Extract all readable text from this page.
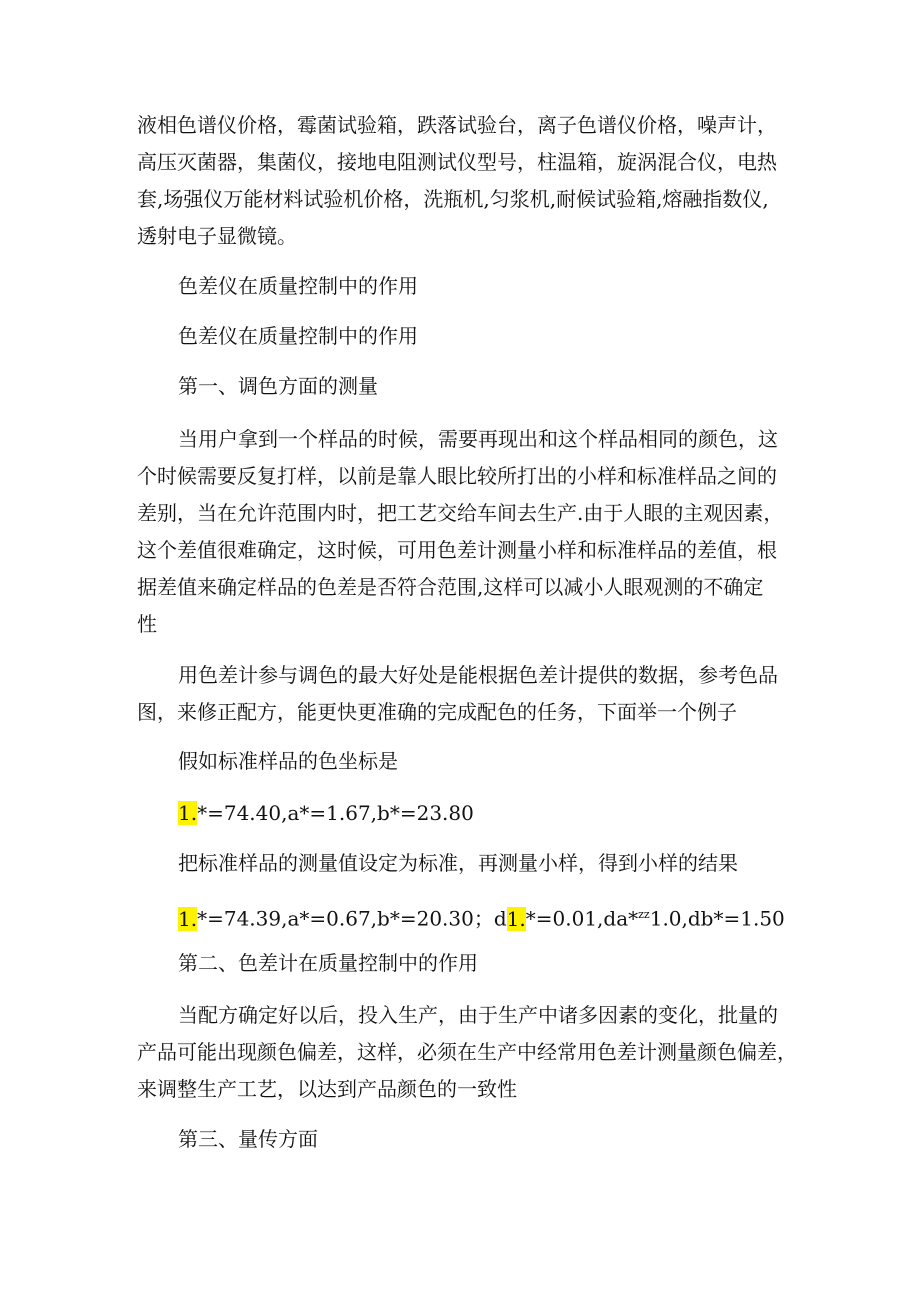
液相色谱仪价格，霉菌试验箱，跌落试验台，离子色谱仪价格，噪声计，
高压灭菌器，集菌仪，接地电阻测试仪型号，柱温箱，旋涡混合仪，电热
套,场强仪万能材料试验机价格，洗瓶机,匀浆机,耐候试验箱,熔融指数仪,
透射电子显微镜。

色差仪在质量控制中的作用

色差仪在质量控制中的作用

第一、调色方面的测量

当用户拿到一个样品的时候，需要再现出和这个样品相同的颜色，这
个时候需要反复打样，以前是靠人眼比较所打出的小样和标准样品之间的
差别，当在允许范围内时，把工艺交给车间去生产.由于人眼的主观因素，
这个差值很难确定，这时候，可用色差计测量小样和标准样品的差值，根
据差值来确定样品的色差是否符合范围,这样可以减小人眼观测的不确定
性

用色差计参与调色的最大好处是能根据色差计提供的数据，参考色品
图，来修正配方，能更快更准确的完成配色的任务，下面举一个例子

假如标准样品的色坐标是

1.*=74.40,a*=1.67,b*=23.80

把标准样品的测量值设定为标准，再测量小样，得到小样的结果

1.*=74.39,a*=0.67,b*=20.30；d1.*=0.01,da*$^{zz}$1.0,db*=1.50

第二、色差计在质量控制中的作用

当配方确定好以后，投入生产，由于生产中诸多因素的变化，批量的
产品可能出现颜色偏差，这样，必须在生产中经常用色差计测量颜色偏差，
来调整生产工艺，以达到产品颜色的一致性

第三、量传方面
